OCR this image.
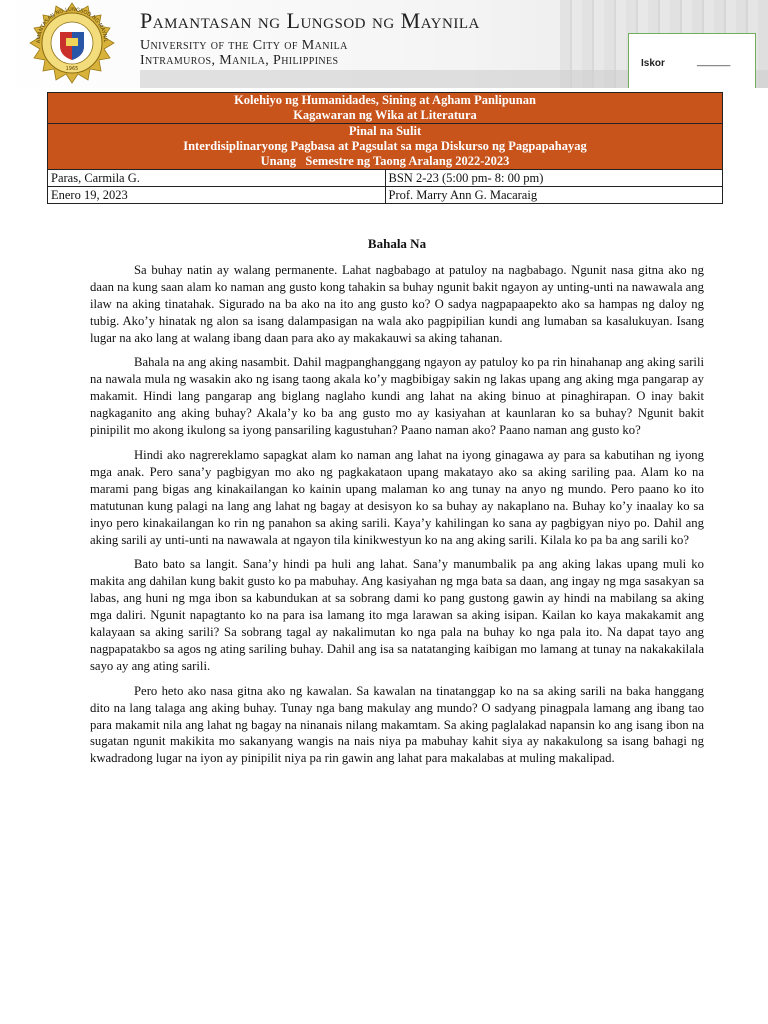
AMANTASAN NG LUNGSOD NG MAYNIL
1965
Pamantasan ng Lungsod ng Maynila
University of the City of Manila
Intramuros, Manila, Philippines	Iskor	______
Kolehiyo ng Humanidades, Sining at Agham Panlipunan
Kagawaran ng Wika at Literatura	

Pinal na Sulit
Interdisiplinaryong Pagbasa at Pagsulat sa mga Diskurso ng Pagpapahayag
Unang   Semestre ng Taong Aralang 2022-2023	

Paras, Carmila G.	BSN 2-23 (5:00 pm- 8: 00 pm)
Enero 19, 2023	Prof. Marry Ann G. Macaraig
Bahala Na

Sa buhay natin ay walang permanente. Lahat nagbabago at patuloy na nagbabago. Ngunit nasa gitna ako ng daan na kung saan alam ko naman ang gusto kong tahakin sa buhay ngunit bakit ngayon ay unting-unti na nawawala ang ilaw na aking tinatahak. Sigurado na ba ako na ito ang gusto ko? O sadya nagpapaapekto ako sa hampas ng daloy ng tubig. Ako’y hinatak ng alon sa isang dalampasigan na wala ako pagpipilian kundi ang lumaban sa kasalukuyan. Isang lugar na ako lang at walang ibang daan para ako ay makakauwi sa aking tahanan.

Bahala na ang aking nasambit. Dahil magpanghanggang ngayon ay patuloy ko pa rin hinahanap ang aking sarili na nawala mula ng wasakin ako ng isang taong akala ko’y magbibigay sakin ng lakas upang ang aking mga pangarap ay makamit. Hindi lang pangarap ang biglang naglaho kundi ang lahat na aking binuo at pinaghirapan. O inay bakit nagkaganito ang aking buhay? Akala’y ko ba ang gusto mo ay kasiyahan at kaunlaran ko sa buhay? Ngunit bakit pinipilit mo akong ikulong sa iyong pansariling kagustuhan? Paano naman ako? Paano naman ang gusto ko?

Hindi ako nagrereklamo sapagkat alam ko naman ang lahat na iyong ginagawa ay para sa kabutihan ng iyong mga anak. Pero sana’y pagbigyan mo ako ng pagkakataon upang makatayo ako sa aking sariling paa. Alam ko na marami pang bigas ang kinakailangan ko kainin upang malaman ko ang tunay na anyo ng mundo. Pero paano ko ito matutunan kung palagi na lang ang lahat ng bagay at desisyon ko sa buhay ay nakaplano na. Buhay ko’y inaalay ko sa inyo pero kinakailangan ko rin ng panahon sa aking sarili. Kaya’y kahilingan ko sana ay pagbigyan niyo po. Dahil ang aking sarili ay unti-unti na nawawala at ngayon tila kinikwestyun ko na ang aking sarili. Kilala ko pa ba ang sarili ko?

Bato bato sa langit. Sana’y hindi pa huli ang lahat. Sana’y manumbalik pa ang aking lakas upang muli ko makita ang dahilan kung bakit gusto ko pa mabuhay. Ang kasiyahan ng mga bata sa daan, ang ingay ng mga sasakyan sa labas, ang huni ng mga ibon sa kabundukan at sa sobrang dami ko pang gustong gawin ay hindi na mabilang sa aking mga daliri. Ngunit napagtanto ko na para isa lamang ito mga larawan sa aking isipan. Kailan ko kaya makakamit ang kalayaan sa aking sarili? Sa sobrang tagal ay nakalimutan ko nga pala na buhay ko nga pala ito. Na dapat tayo ang nagpapatakbo sa agos ng ating sariling buhay. Dahil ang isa sa natatanging kaibigan mo lamang at tunay na nakakakilala sayo ay ang ating sarili.

Pero heto ako nasa gitna ako ng kawalan. Sa kawalan na tinatanggap ko na sa aking sarili na baka hanggang dito na lang talaga ang aking buhay. Tunay nga bang makulay ang mundo? O sadyang pinagpala lamang ang ibang tao para makamit nila ang lahat ng bagay na ninanais nilang makamtam. Sa aking paglalakad napansin ko ang isang ibon na sugatan ngunit makikita mo sakanyang wangis na nais niya pa mabuhay kahit siya ay nakakulong sa isang bahagi ng kwadradong lugar na iyon ay pinipilit niya pa rin gawin ang lahat para makalabas at muling makalipad.
